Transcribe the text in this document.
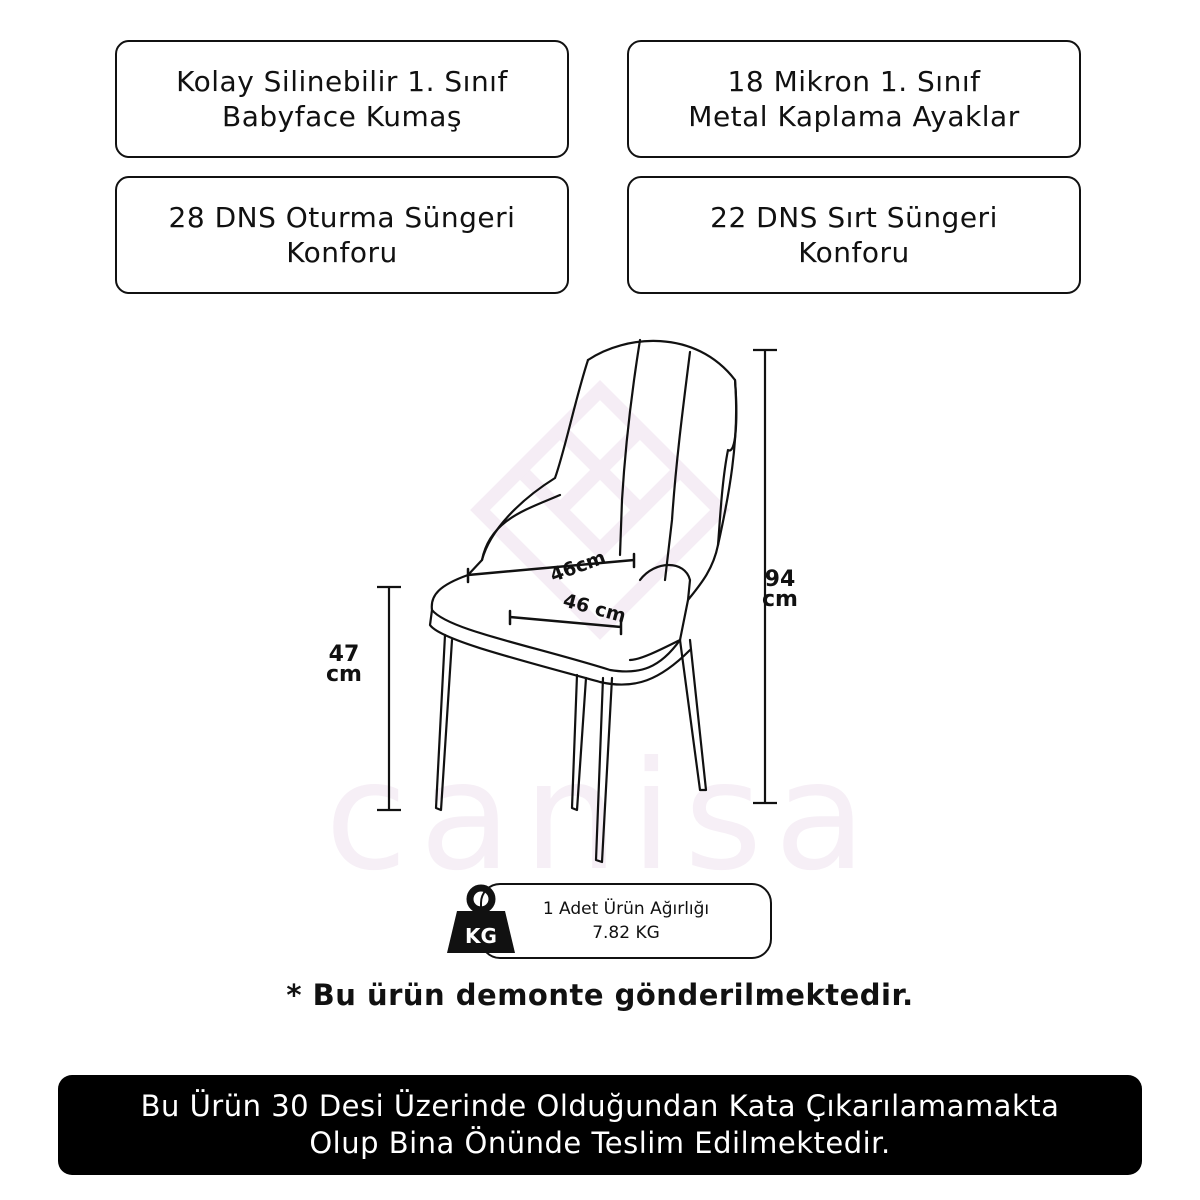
Kolay Silinebilir 1. Sınıf
Babyface Kumaş
18 Mikron 1. Sınıf
Metal Kaplama Ayaklar
28 DNS Oturma Süngeri
Konforu
22 DNS Sırt Süngeri
Konforu
canisa
46cm
46 cm
94
cm
47
cm
1 Adet Ürün Ağırlığı
7.82 KG
KG
* Bu ürün demonte gönderilmektedir.
Bu Ürün 30 Desi Üzerinde Olduğundan Kata Çıkarılamamakta
Olup Bina Önünde Teslim Edilmektedir.
